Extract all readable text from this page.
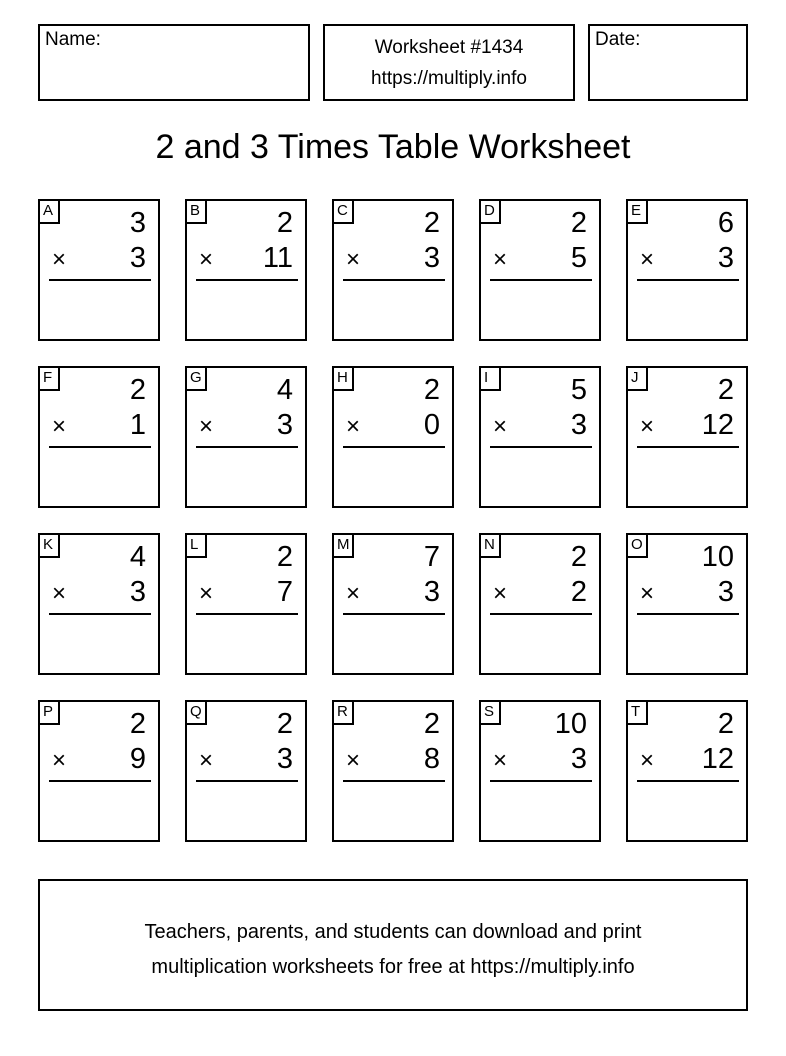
Name:	Worksheet #1434
https://multiply.info
Date:
2 and 3 Times Table Worksheet
A	3
× 3
B	2
× 11
C	2
× 3
D	2
× 5
E	6
× 3
F	2
× 1
G	4
× 3
H	2
× 0
I	5
× 3
J	2
× 12
K	4
× 3
L	2
× 7
M	7
× 3
N	2
× 2
O 10
× 3
P	2
× 9
Q	2
× 3
R	2
× 8
S 10
× 3
T	2
× 12
Teachers, parents, and students can download and print
multiplication worksheets for free at https://multiply.info
